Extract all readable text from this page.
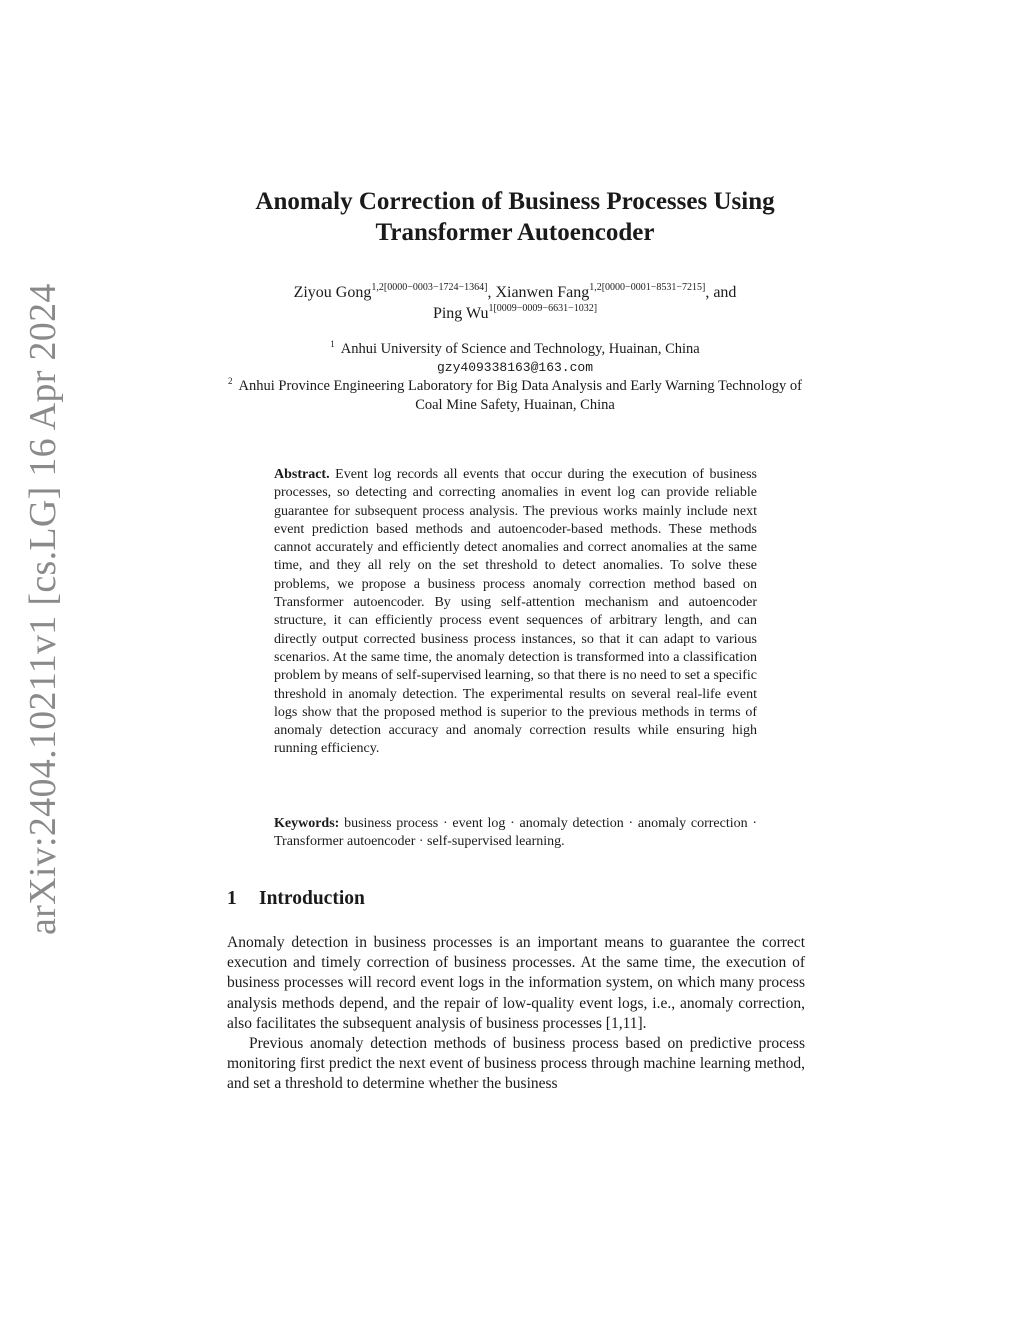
arXiv:2404.10211v1 [cs.LG] 16 Apr 2024
Anomaly Correction of Business Processes Using Transformer Autoencoder
Ziyou Gong$^{1,2[0000-0003-1724-1364]}$, Xianwen Fang$^{1,2[0000-0001-8531-7215]}$, and
Ping $Wu^{1[0009-0009-6631-1032]}$
$^1$ Anhui University of Science and Technology, Huainan, China
gzy409338163@163.com
$^2$ Anhui Province Engineering Laboratory for Big Data Analysis and Early Warning Technology of Coal Mine Safety, Huainan, China

Abstract. Event log records all events that occur during the execution of business processes, so detecting and correcting anomalies in event log can provide reliable guarantee for subsequent process analysis. The previous works mainly include next event prediction based methods and autoencoder-based methods. These methods cannot accurately and efficiently detect anomalies and correct anomalies at the same time, and they all rely on the set threshold to detect anomalies. To solve these problems, we propose a business process anomaly correction method based on Transformer autoencoder. By using self-attention mechanism and autoencoder structure, it can efficiently process event sequences of arbitrary length, and can directly output corrected business process instances, so that it can adapt to various scenarios. At the same time, the anomaly detection is transformed into a classification problem by means of self-supervised learning, so that there is no need to set a specific threshold in anomaly detection. The experimental results on several real-life event logs show that the proposed method is superior to the previous methods in terms of anomaly detection accuracy and anomaly correction results while ensuring high running efficiency.

Keywords: business process · event log · anomaly detection · anomaly correction · Transformer autoencoder · self-supervised learning.

1 Introduction

Anomaly detection in business processes is an important means to guarantee the correct execution and timely correction of business processes. At the same time, the execution of business processes will record event logs in the information system, on which many process analysis methods depend, and the repair of low-quality event logs, i.e., anomaly correction, also facilitates the subsequent analysis of business processes [1,11].

Previous anomaly detection methods of business process based on predictive process monitoring first predict the next event of business process through machine learning method, and set a threshold to determine whether the business
